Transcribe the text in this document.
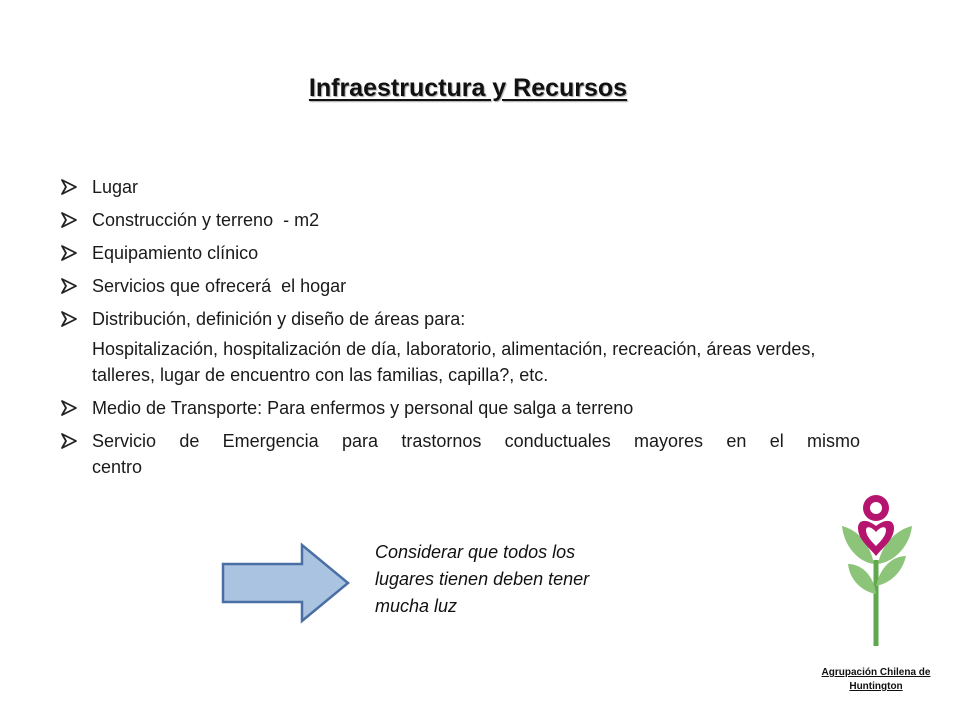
Infraestructura y Recursos
Lugar
Construcción y terreno  - m2
Equipamiento clínico
Servicios que ofrecerá  el hogar
Distribución, definición y diseño de áreas para:
Hospitalización, hospitalización de día, laboratorio, alimentación, recreación, áreas verdes, talleres, lugar de encuentro con las familias, capilla?, etc.
Medio de Transporte: Para enfermos y personal que salga a terreno
Servicio de Emergencia para trastornos conductuales mayores en el mismo
centro
Considerar que todos los
lugares tienen deben tener
mucha luz
Agrupación Chilena de
Huntington
